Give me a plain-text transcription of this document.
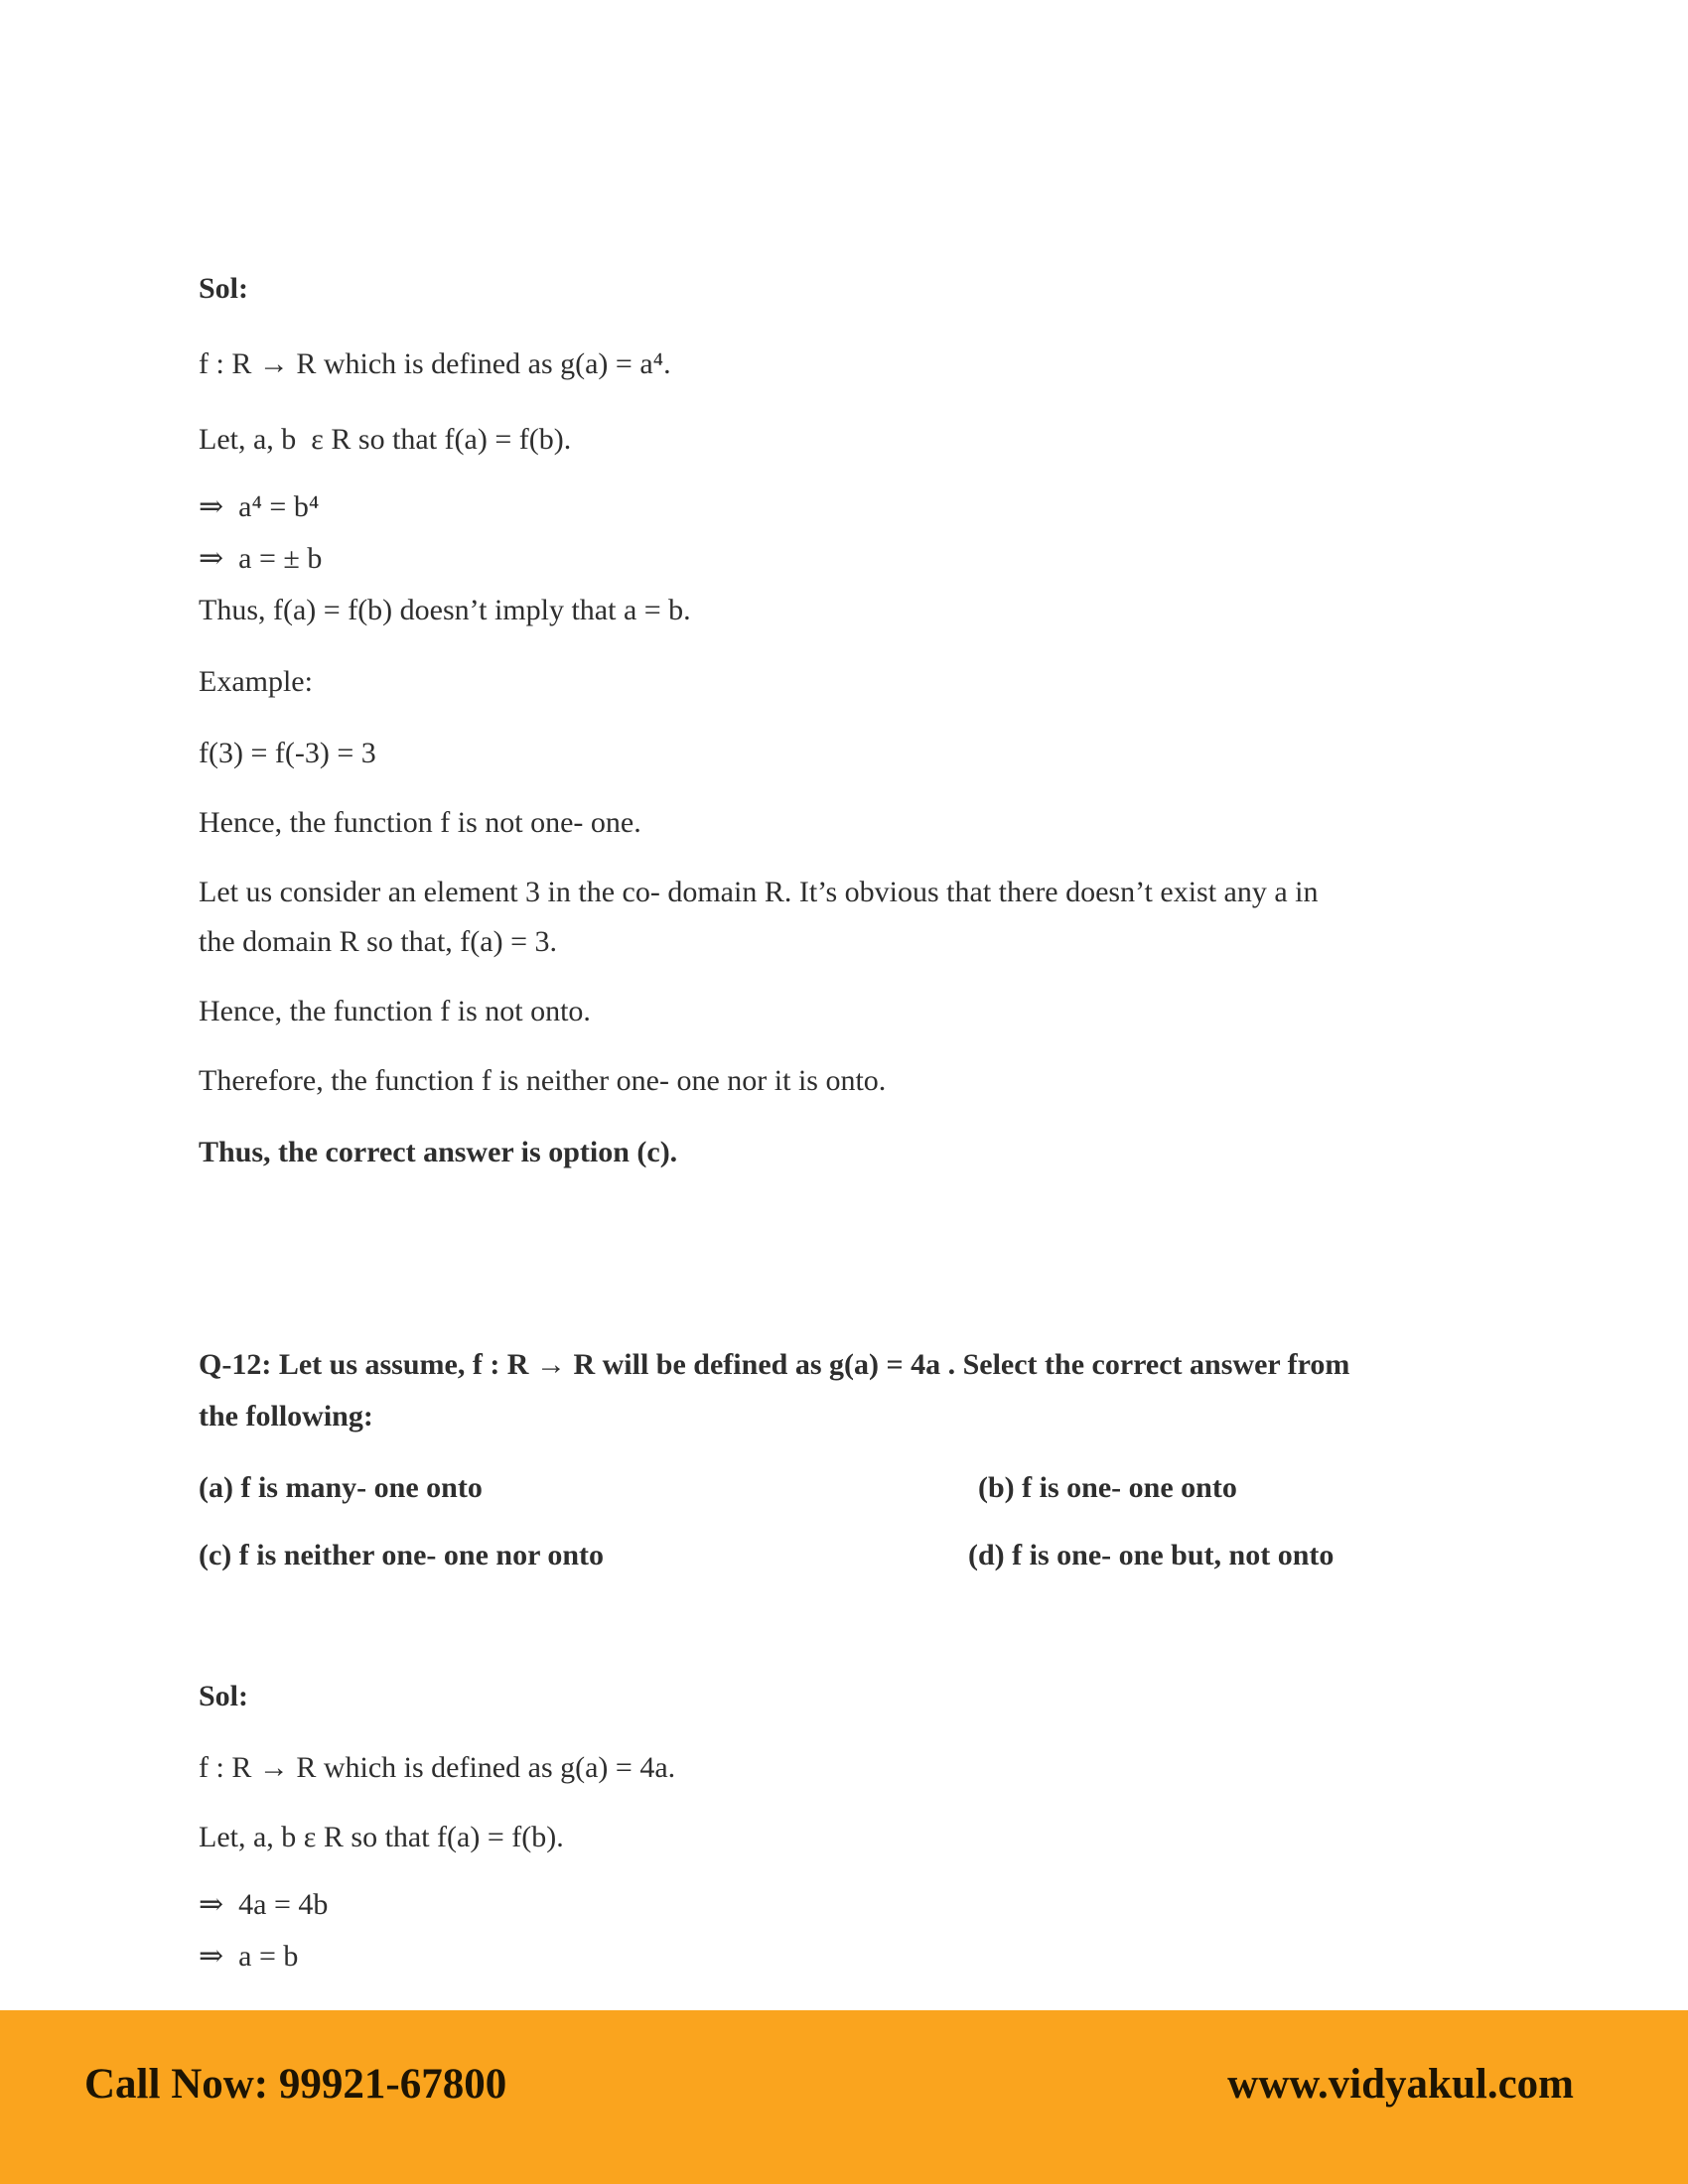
Sol:
f : R → R which is defined as g(a) = a⁴.
Let, a, b  ε R so that f(a) = f(b).
⇒  a⁴ = b⁴
⇒  a = ± b
Thus, f(a) = f(b) doesn’t imply that a = b.
Example:
f(3) = f(-3) = 3
Hence, the function f is not one- one.
Let us consider an element 3 in the co- domain R. It’s obvious that there doesn’t exist any a in
the domain R so that, f(a) = 3.
Hence, the function f is not onto.
Therefore, the function f is neither one- one nor it is onto.
Thus, the correct answer is option (c).
Q-12: Let us assume, f : R → R will be defined as g(a) = 4a . Select the correct answer from
the following:
(a) f is many- one onto	(b) f is one- one onto
(c) f is neither one- one nor onto	(d) f is one- one but, not onto
Sol:
f : R → R which is defined as g(a) = 4a.
Let, a, b ε R so that f(a) = f(b).
⇒  4a = 4b
⇒  a = b
Call Now: 99921-67800	www.vidyakul.com
